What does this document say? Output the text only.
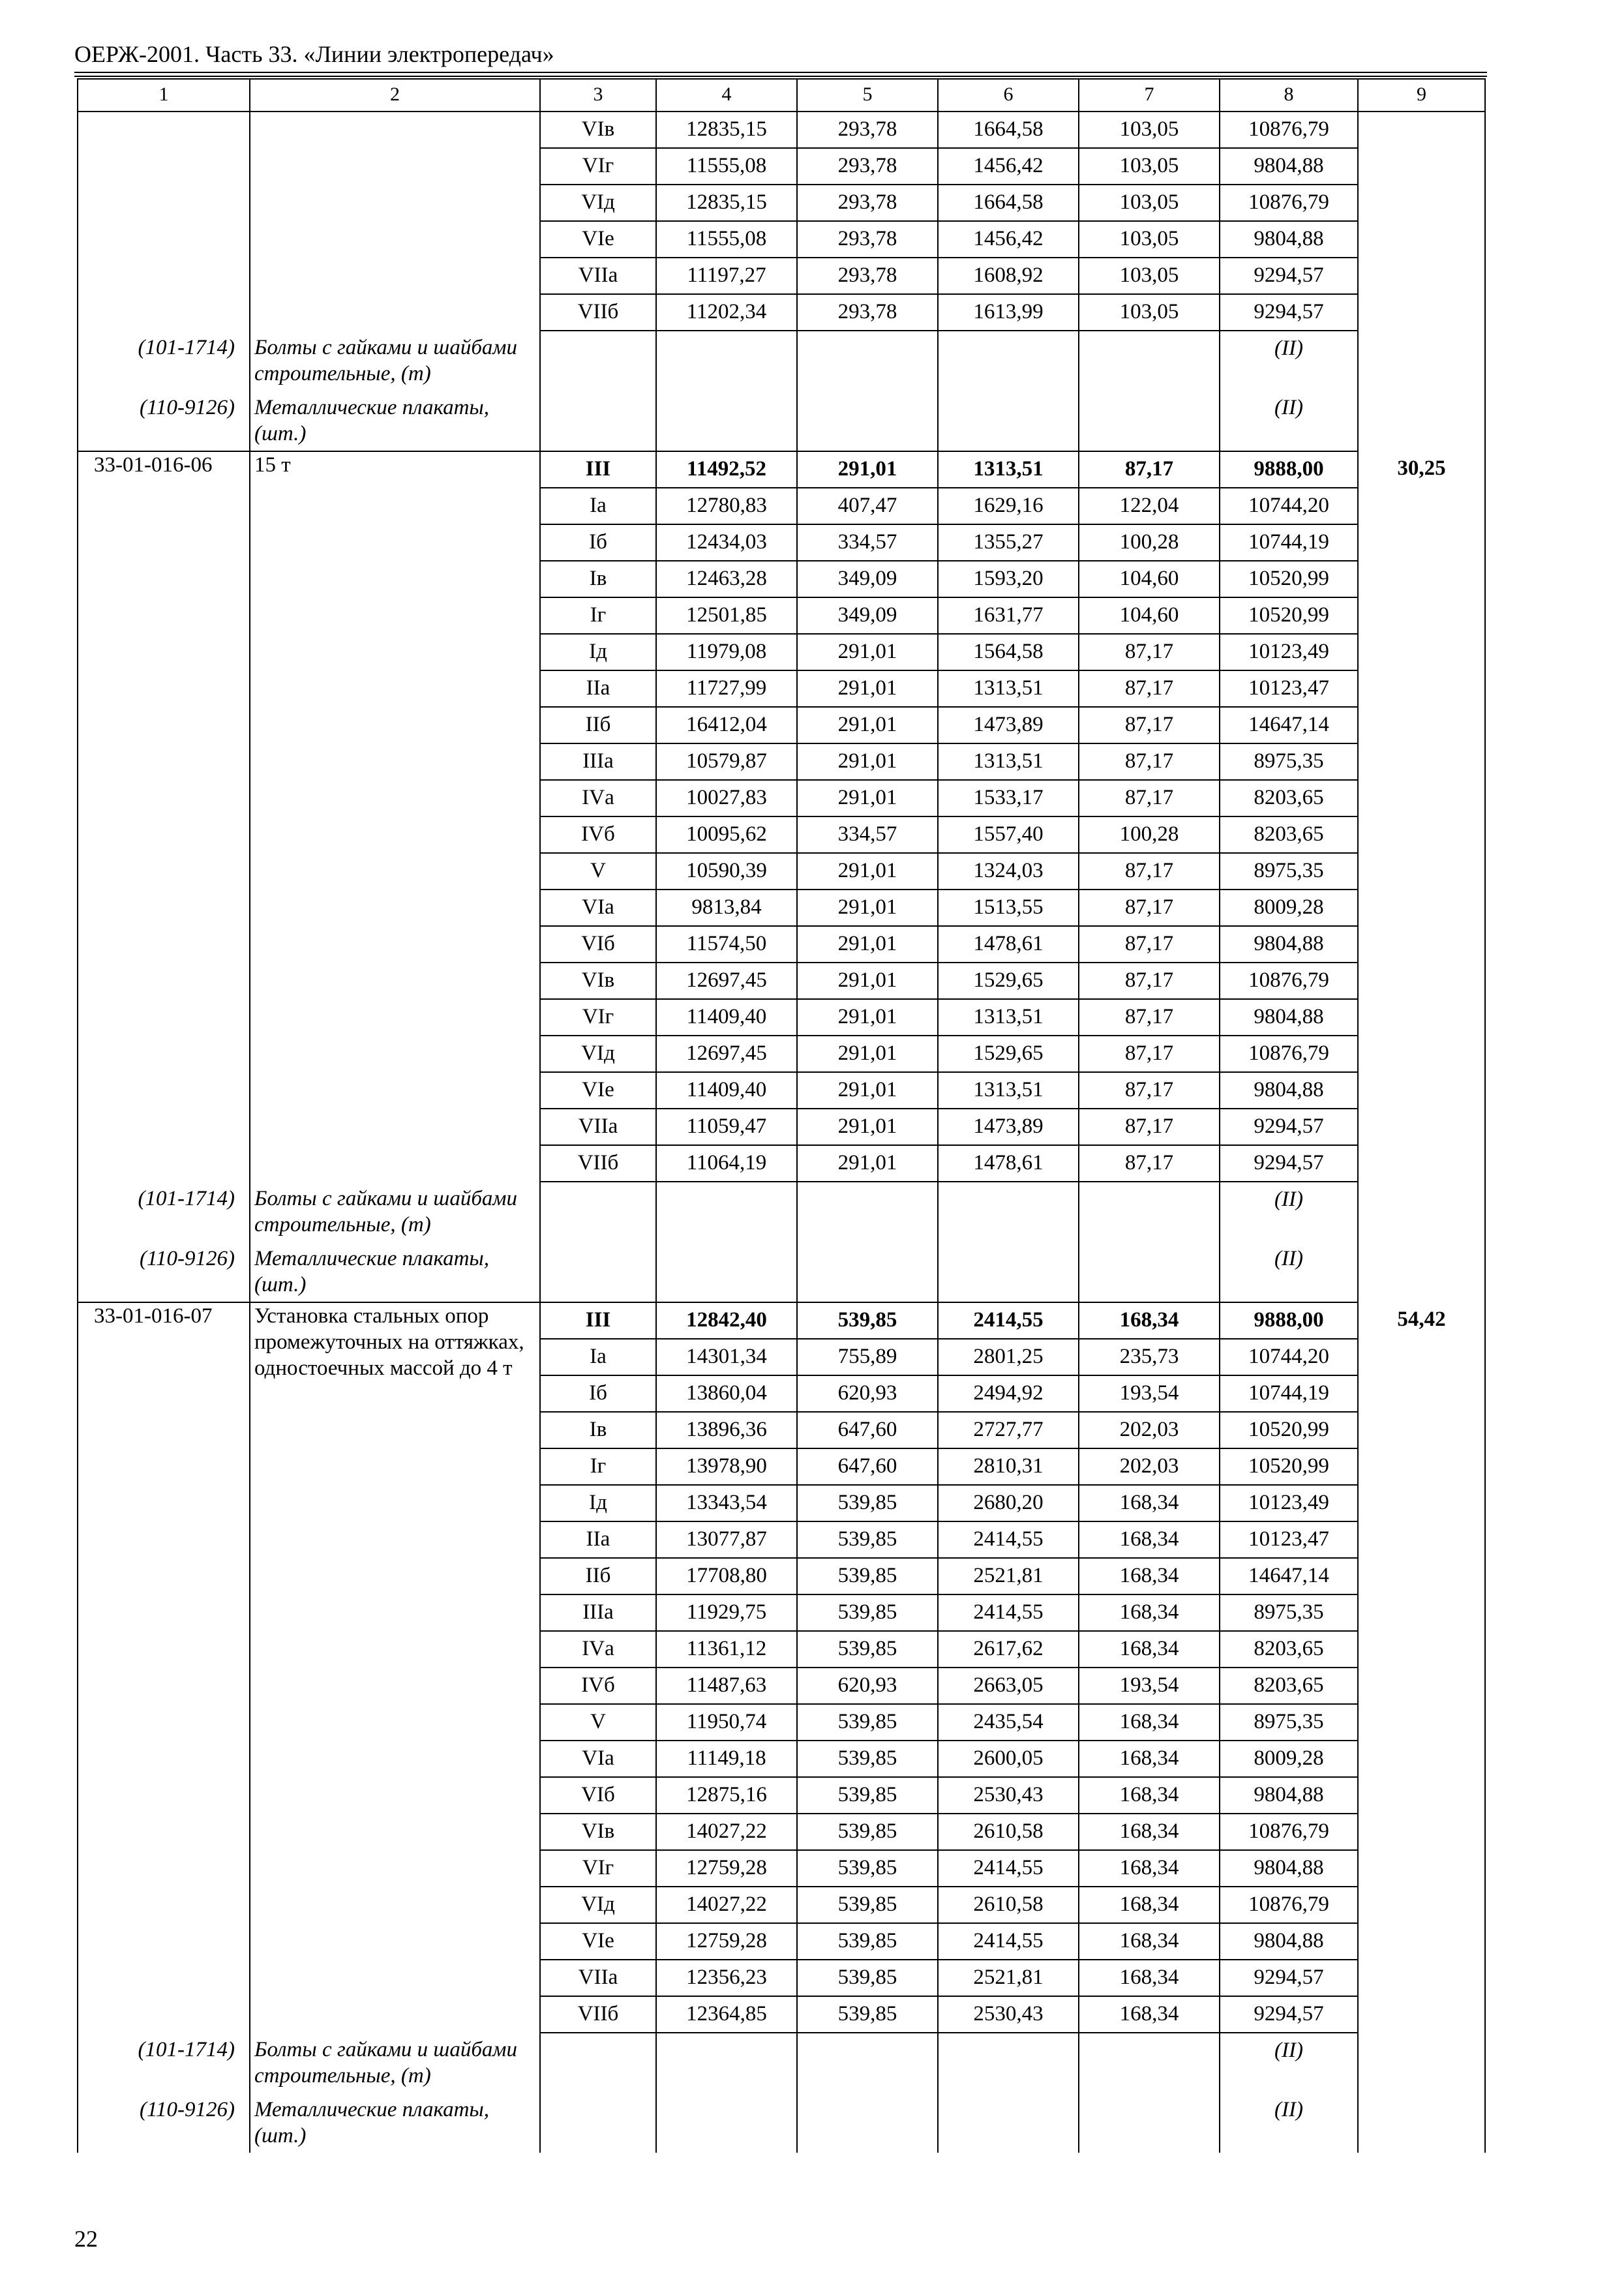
ОЕРЖ-2001. Часть 33. «Линии электропередач»
1	2	3	4	5	6	7	8	9
		VIв	12835,15	293,78	1664,58	103,05	10876,79	
		VIг	11555,08	293,78	1456,42	103,05	9804,88	
		VIд	12835,15	293,78	1664,58	103,05	10876,79	
		VIе	11555,08	293,78	1456,42	103,05	9804,88	
		VIIа	11197,27	293,78	1608,92	103,05	9294,57	
		VIIб	11202,34	293,78	1613,99	103,05	9294,57	
(101-1714)	Болты с гайками и шайбами строительные, (т)						(II)	
(110-9126)	Металлические плакаты, (шт.)						(II)	
33-01-016-06	15 т	III	11492,52	291,01	1313,51	87,17	9888,00	30,25
		Iа	12780,83	407,47	1629,16	122,04	10744,20	
		Iб	12434,03	334,57	1355,27	100,28	10744,19	
		Iв	12463,28	349,09	1593,20	104,60	10520,99	
		Iг	12501,85	349,09	1631,77	104,60	10520,99	
		Iд	11979,08	291,01	1564,58	87,17	10123,49	
		IIа	11727,99	291,01	1313,51	87,17	10123,47	
		IIб	16412,04	291,01	1473,89	87,17	14647,14	
		IIIа	10579,87	291,01	1313,51	87,17	8975,35	
		IVа	10027,83	291,01	1533,17	87,17	8203,65	
		IVб	10095,62	334,57	1557,40	100,28	8203,65	
		V	10590,39	291,01	1324,03	87,17	8975,35	
		VIа	9813,84	291,01	1513,55	87,17	8009,28	
		VIб	11574,50	291,01	1478,61	87,17	9804,88	
		VIв	12697,45	291,01	1529,65	87,17	10876,79	
		VIг	11409,40	291,01	1313,51	87,17	9804,88	
		VIд	12697,45	291,01	1529,65	87,17	10876,79	
		VIе	11409,40	291,01	1313,51	87,17	9804,88	
		VIIа	11059,47	291,01	1473,89	87,17	9294,57	
		VIIб	11064,19	291,01	1478,61	87,17	9294,57	
(101-1714)	Болты с гайками и шайбами строительные, (т)						(II)	
(110-9126)	Металлические плакаты, (шт.)						(II)	
33-01-016-07	Установка стальных опор промежуточных на оттяжках, одностоечных массой до 4 т	III	12842,40	539,85	2414,55	168,34	9888,00	54,42
		Iа	14301,34	755,89	2801,25	235,73	10744,20	
		Iб	13860,04	620,93	2494,92	193,54	10744,19	
		Iв	13896,36	647,60	2727,77	202,03	10520,99	
		Iг	13978,90	647,60	2810,31	202,03	10520,99	
		Iд	13343,54	539,85	2680,20	168,34	10123,49	
		IIа	13077,87	539,85	2414,55	168,34	10123,47	
		IIб	17708,80	539,85	2521,81	168,34	14647,14	
		IIIа	11929,75	539,85	2414,55	168,34	8975,35	
		IVа	11361,12	539,85	2617,62	168,34	8203,65	
		IVб	11487,63	620,93	2663,05	193,54	8203,65	
		V	11950,74	539,85	2435,54	168,34	8975,35	
		VIа	11149,18	539,85	2600,05	168,34	8009,28	
		VIб	12875,16	539,85	2530,43	168,34	9804,88	
		VIв	14027,22	539,85	2610,58	168,34	10876,79	
		VIг	12759,28	539,85	2414,55	168,34	9804,88	
		VIд	14027,22	539,85	2610,58	168,34	10876,79	
		VIе	12759,28	539,85	2414,55	168,34	9804,88	
		VIIа	12356,23	539,85	2521,81	168,34	9294,57	
		VIIб	12364,85	539,85	2530,43	168,34	9294,57	
(101-1714)	Болты с гайками и шайбами строительные, (т)						(II)	
(110-9126)	Металлические плакаты, (шт.)						(II)	
22
